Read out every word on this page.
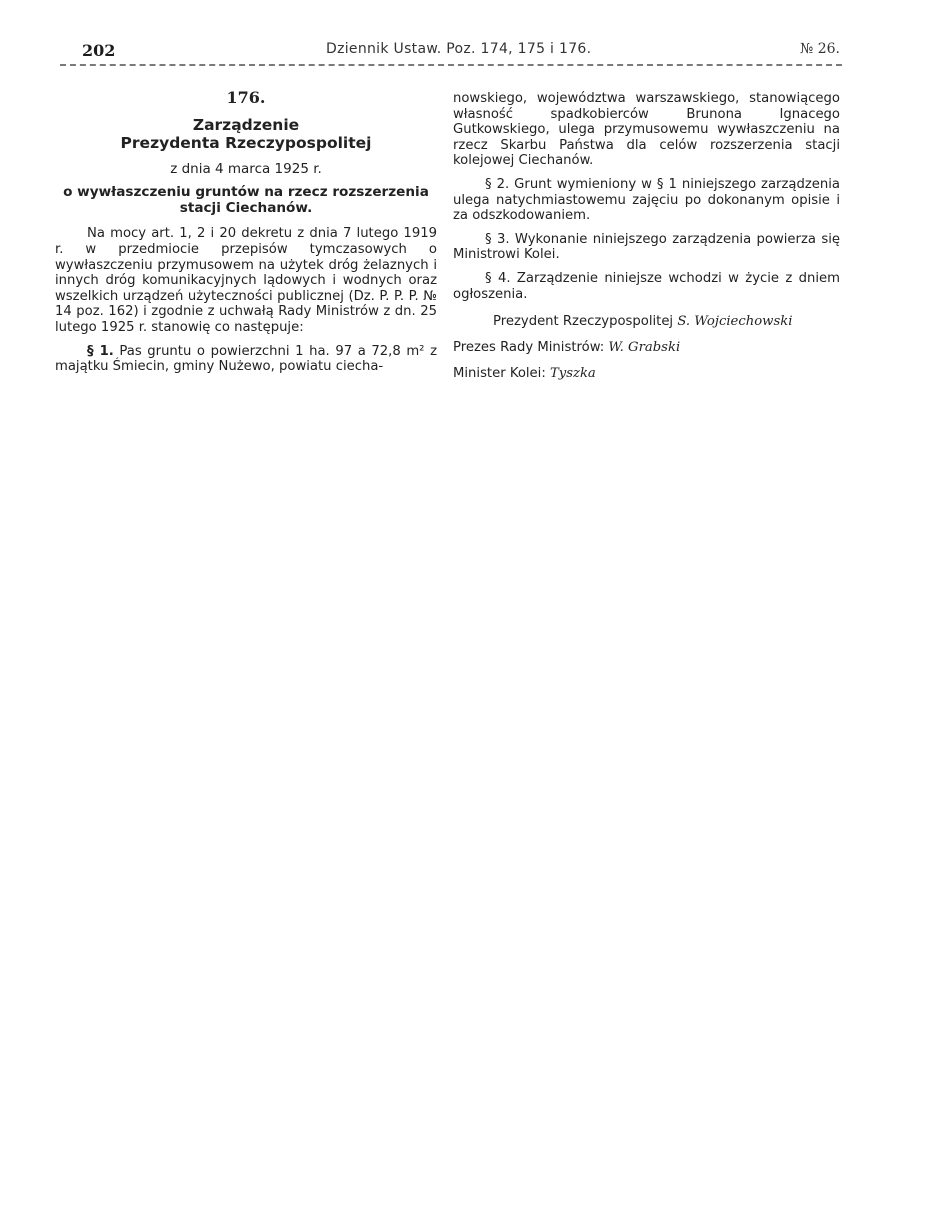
202	Dziennik Ustaw. Poz. 174, 175 i 176.	№ 26.

176.

Zarządzenie

Prezydenta Rzeczypospolitej

z dnia 4 marca 1925 r.

o wywłaszczeniu gruntów na rzecz rozszerzenia stacji Ciechanów.

Na mocy art. 1, 2 i 20 dekretu z dnia 7 lutego 1919 r. w przedmiocie przepisów tymczasowych o wywłaszczeniu przymusowem na użytek dróg żelaznych i innych dróg komunikacyjnych lądowych i wodnych oraz wszelkich urządzeń użyteczności publicznej (Dz. P. P. P. № 14 poz. 162) i zgodnie z uchwałą Rady Ministrów z dn. 25 lutego 1925 r. stanowię co następuje:

§ 1. Pas gruntu o powierzchni 1 ha. 97 a 72,8 m² z majątku Śmiecin, gminy Nużewo, powiatu ciecha-

nowskiego, województwa warszawskiego, stanowiącego własność spadkobierców Brunona Ignacego Gutkowskiego, ulega przymusowemu wywłaszczeniu na rzecz Skarbu Państwa dla celów rozszerzenia stacji kolejowej Ciechanów.

§ 2. Grunt wymieniony w § 1 niniejszego zarządzenia ulega natychmiastowemu zajęciu po dokonanym opisie i za odszkodowaniem.

§ 3. Wykonanie niniejszego zarządzenia powierza się Ministrowi Kolei.

§ 4. Zarządzenie niniejsze wchodzi w życie z dniem ogłoszenia.

Prezydent Rzeczypospolitej S. Wojciechowski

Prezes Rady Ministrów: W. Grabski

Minister Kolei: Tyszka
